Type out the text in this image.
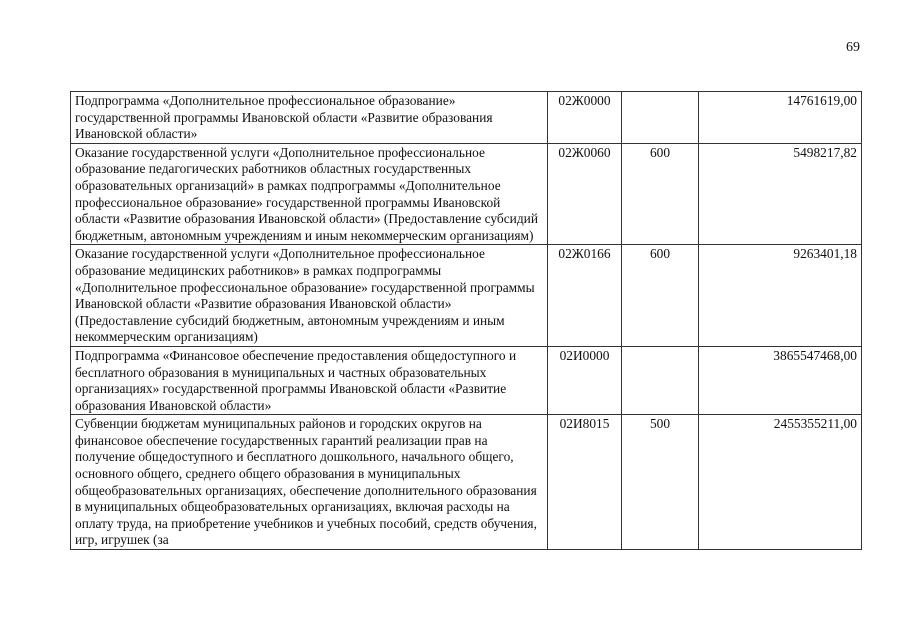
69
Подпрограмма «Дополнительное профессиональное образование» государственной программы Ивановской области «Развитие образования Ивановской области»	02Ж0000		14761619,00
Оказание государственной услуги «Дополнительное профессиональное образование педагогических работников областных государственных образовательных организаций» в рамках подпрограммы «Дополнительное профессиональное образование» государственной программы Ивановской области «Развитие образования Ивановской области» (Предоставление субсидий бюджетным, автономным учреждениям и иным некоммерческим организациям)	02Ж0060	600	5498217,82
Оказание государственной услуги «Дополнительное профессиональное образование медицинских работников» в рамках подпрограммы «Дополнительное профессиональное образование» государственной программы Ивановской области «Развитие образования Ивановской области» (Предоставление субсидий бюджетным, автономным учреждениям и иным некоммерческим организациям)	02Ж0166	600	9263401,18
Подпрограмма «Финансовое обеспечение предоставления общедоступного и бесплатного образования в муниципальных и частных образовательных организациях» государственной программы Ивановской области «Развитие образования Ивановской области»	02И0000		3865547468,00
Субвенции бюджетам муниципальных районов и городских округов на финансовое обеспечение государственных гарантий реализации прав на получение общедоступного и бесплатного дошкольного, начального общего, основного общего, среднего общего образования в муниципальных общеобразовательных организациях, обеспечение дополнительного образования в муниципальных общеобразовательных организациях, включая расходы на оплату труда, на приобретение учебников и учебных пособий, средств обучения, игр, игрушек (за	02И8015	500	2455355211,00
